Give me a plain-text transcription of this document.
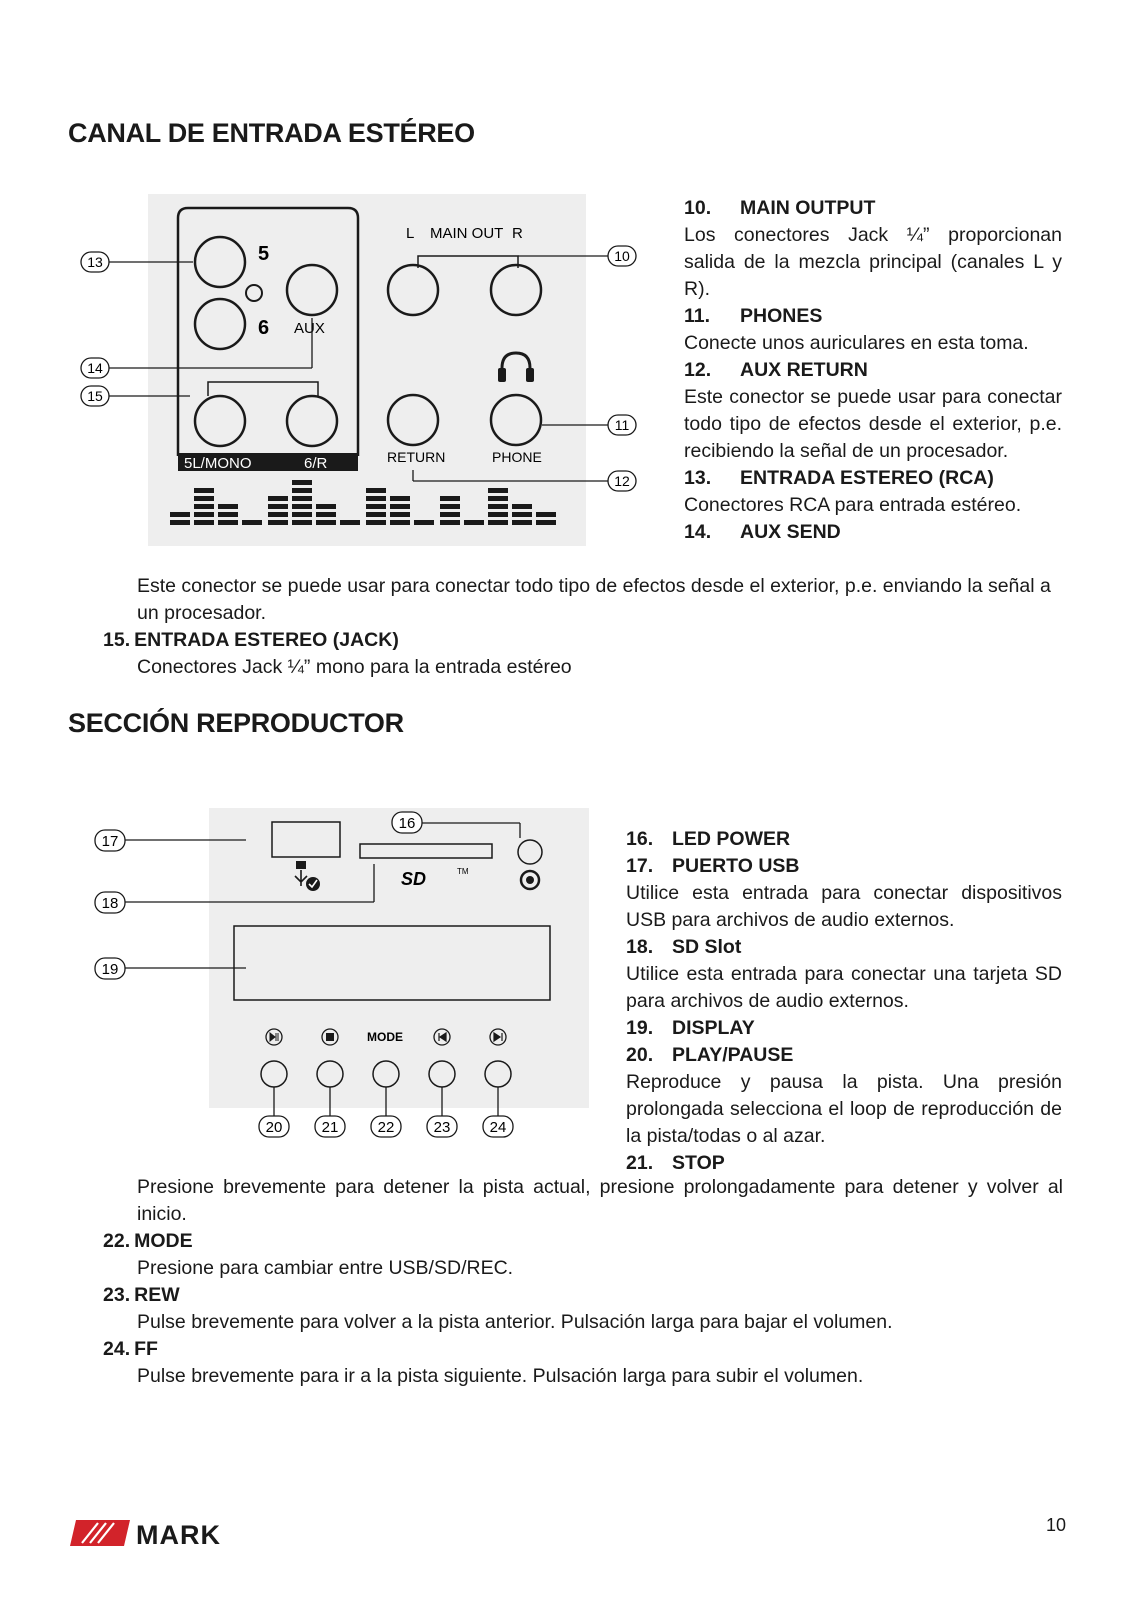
CANAL DE ENTRADA ESTÉREO
5L/MONO	6/R
5
6 AUX
L MAIN OUT R
RETURN	PHONE
13
14
15
10
11
12
10.	MAIN OUTPUT

Los conectores Jack ¼” proporcionan salida de la mezcla principal (canales L y R).

11.	PHONES

Conecte unos auriculares en esta toma.

12.	AUX RETURN

Este conector se puede usar para conectar todo tipo de efectos desde el exterior, p.e. recibiendo la señal de un procesador.

13.	ENTRADA ESTEREO (RCA)

Conectores RCA para entrada estéreo.

14.	AUX SEND

Este conector se puede usar para conectar todo tipo de efectos desde el exterior, p.e. enviando la señal a un procesador.

15. ENTRADA ESTEREO (JACK)

Conectores Jack ¼” mono para la entrada estéreo

SECCIÓN REPRODUCTOR
SD	TM
MODE
17
18
19
16
20	21	22	23	24
16. LED POWER
17. PUERTO USB

Utilice esta entrada para conectar dispositivos USB para archivos de audio externos.

18. SD Slot

Utilice esta entrada para conectar una tarjeta SD para archivos de audio externos.

19. DISPLAY
20. PLAY/PAUSE

Reproduce y pausa la pista. Una presión prolongada selecciona el loop de reproducción de la pista/todas o al azar.

21. STOP

Presione brevemente para detener la pista actual, presione prolongadamente para detener y volver al inicio.

22. MODE

Presione para cambiar entre USB/SD/REC.

23. REW

Pulse brevemente para volver a la pista anterior. Pulsación larga para bajar el volumen.

24. FF

Pulse brevemente para ir a la pista siguiente. Pulsación larga para subir el volumen.

MARK	10
